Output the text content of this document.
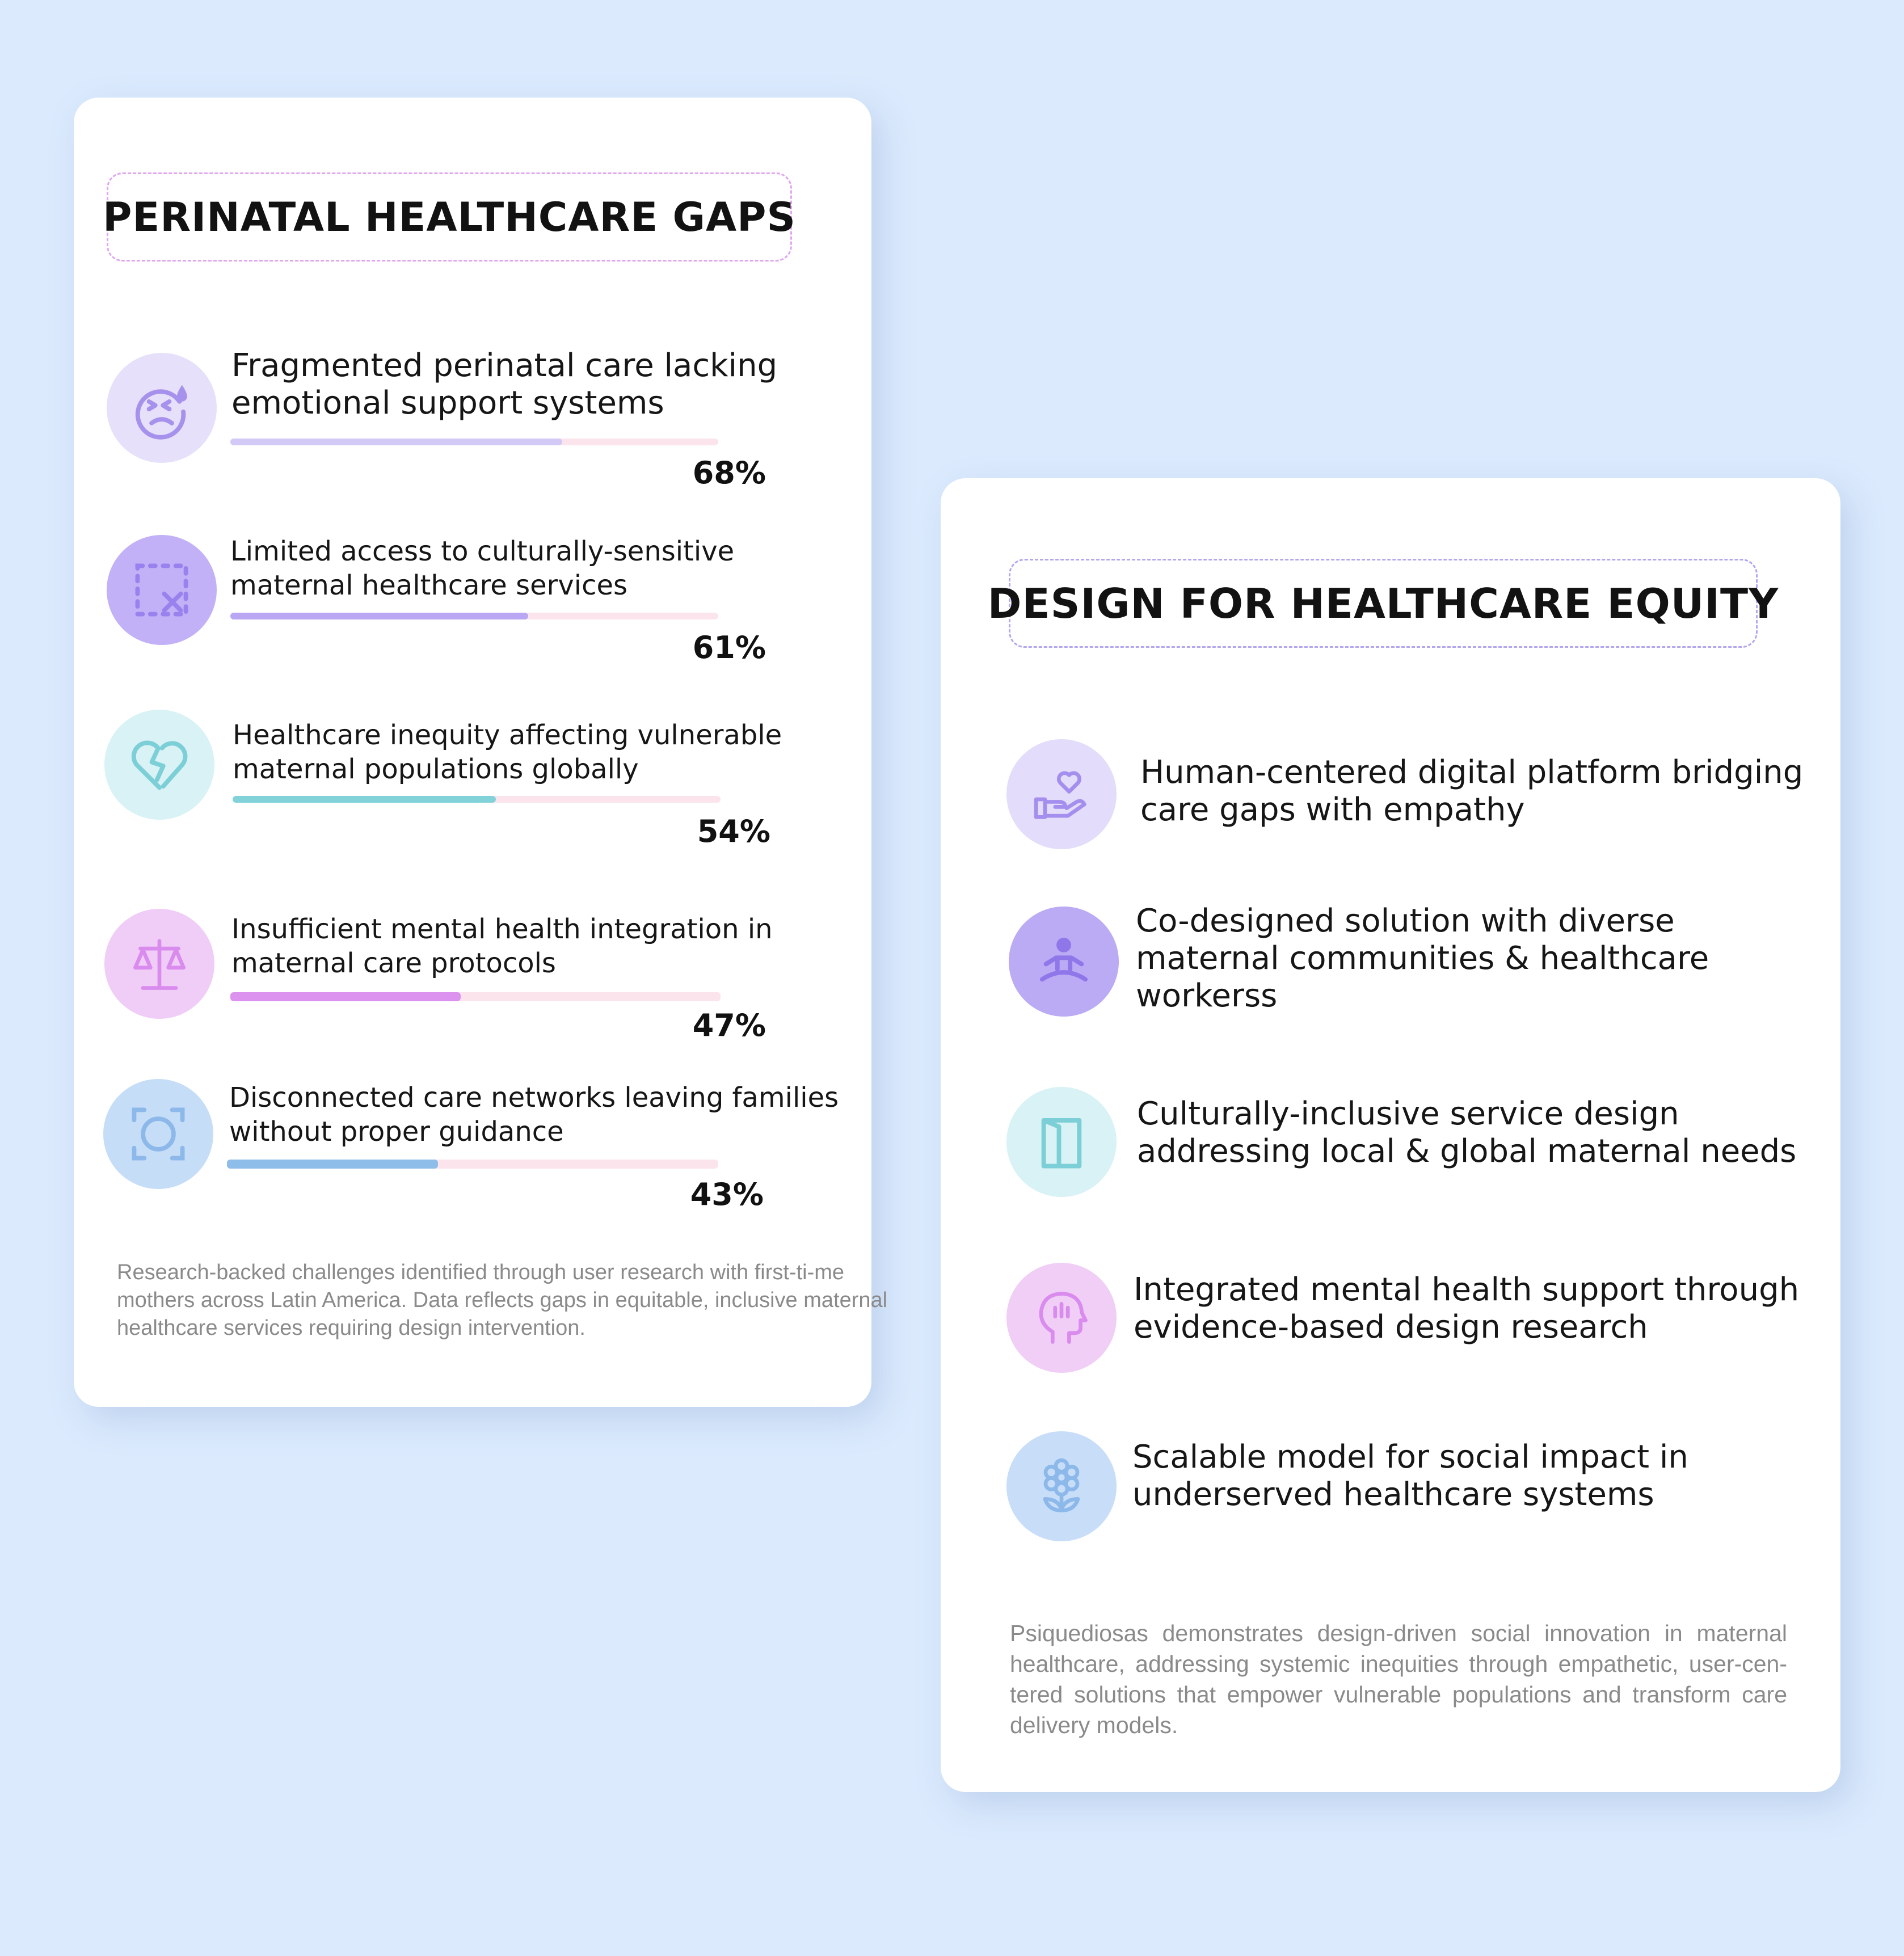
PERINATAL HEALTHCARE GAPS
Fragmented perinatal care lacking emotional support systems
68%
Limited access to culturally-sensitive maternal healthcare services
61%
Healthcare inequity affecting vulnerable maternal populations globally
54%
Insufficient mental health integration in maternal care protocols
47%
Disconnected care networks leaving families without proper guidance
43%
Research-backed challenges identified through user research with first-ti-me mothers across Latin America. Data reflects gaps in equitable, inclusive maternal healthcare services requiring design intervention.
DESIGN FOR HEALTHCARE EQUITY
Human-centered digital platform bridging care gaps with empathy
Co-designed solution with diverse maternal communities & healthcare workerss
Culturally-inclusive service design addressing local & global maternal needs
Integrated mental health support through evidence-based design research
Scalable model for social impact in underserved healthcare systems
Psiquediosas demonstrates design-driven social innovation in maternal healthcare, addressing systemic inequities through empathetic, user-cen-tered solutions that empower vulnerable populations and transform care delivery models.
